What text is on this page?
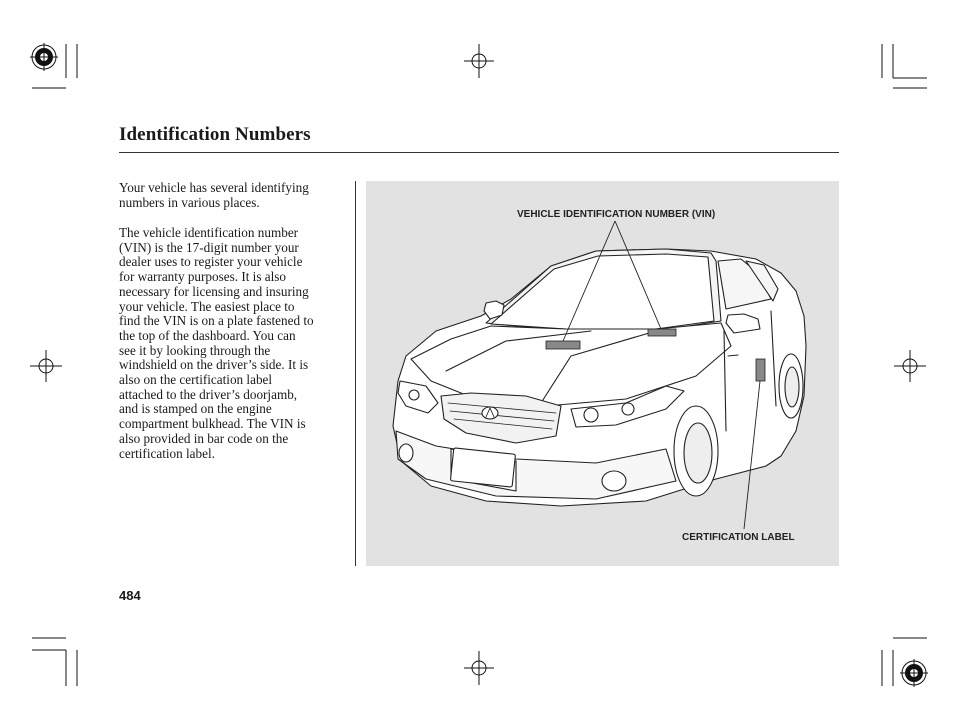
Identification Numbers
Your vehicle has several identifying
numbers in various places.
The vehicle identification number
(VIN) is the 17-digit number your
dealer uses to register your vehicle
for warranty purposes. It is also
necessary for licensing and insuring
your vehicle. The easiest place to
find the VIN is on a plate fastened to
the top of the dashboard. You can
see it by looking through the
windshield on the driver’s side. It is
also on the certification label
attached to the driver’s doorjamb,
and is stamped on the engine
compartment bulkhead. The VIN is
also provided in bar code on the
certification label.
VEHICLE IDENTIFICATION NUMBER (VIN)
CERTIFICATION LABEL
484
